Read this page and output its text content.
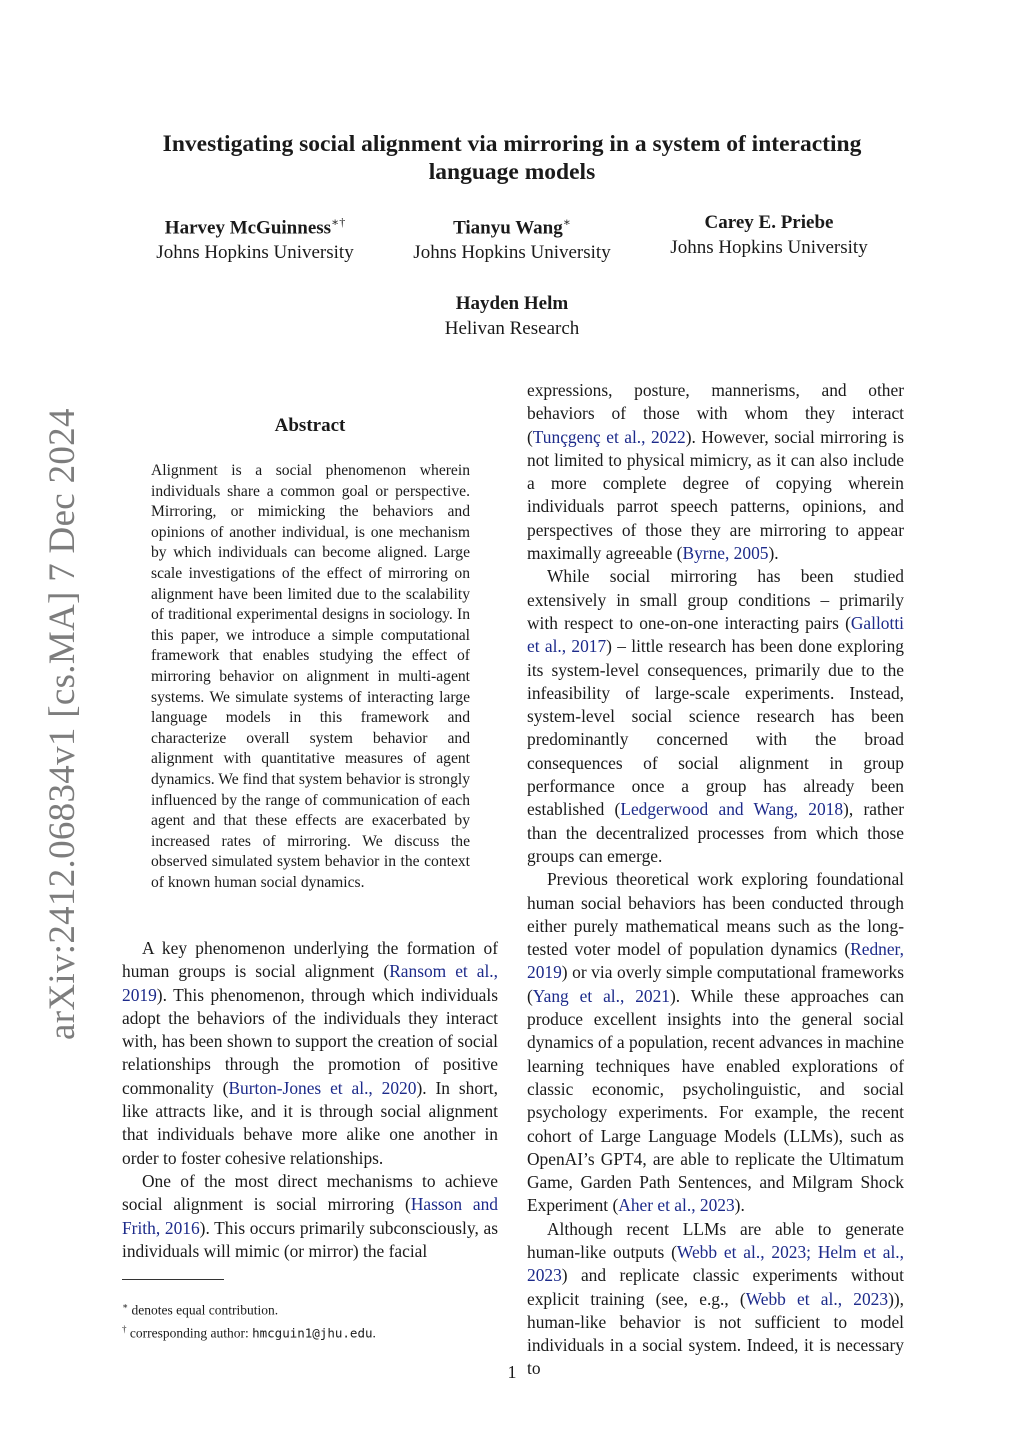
arXiv:2412.06834v1 [cs.MA] 7 Dec 2024
Investigating social alignment via mirroring in a system of interacting
language models
Harvey McGuinness∗†
Johns Hopkins University
Tianyu Wang∗
Johns Hopkins University
Carey E. Priebe
Johns Hopkins University
Hayden Helm
Helivan Research
Abstract
Alignment is a social phenomenon wherein individuals share a common goal or perspective. Mirroring, or mimicking the behaviors and opinions of another individual, is one mechanism by which individuals can become aligned. Large scale investigations of the effect of mirroring on alignment have been limited due to the scalability of traditional experimental designs in sociology. In this paper, we introduce a simple computational framework that enables studying the effect of mirroring behavior on alignment in multi-agent systems. We simulate systems of interacting large language models in this framework and characterize overall system behavior and alignment with quantitative measures of agent dynamics. We find that system behavior is strongly influenced by the range of communication of each agent and that these effects are exacerbated by increased rates of mirroring. We discuss the observed simulated system behavior in the context of known human social dynamics.

A key phenomenon underlying the formation of human groups is social alignment (Ransom et al., 2019). This phenomenon, through which individuals adopt the behaviors of the individuals they interact with, has been shown to support the creation of social relationships through the promotion of positive commonality (Burton-Jones et al., 2020). In short, like attracts like, and it is through social alignment that individuals behave more alike one another in order to foster cohesive relationships.

One of the most direct mechanisms to achieve social alignment is social mirroring (Hasson and Frith, 2016). This occurs primarily subconsciously, as individuals will mimic (or mirror) the facial

∗ denotes equal contribution.
† corresponding author: hmcguin1@jhu.edu.

expressions, posture, mannerisms, and other behaviors of those with whom they interact (Tunçgenç et al., 2022). However, social mirroring is not limited to physical mimicry, as it can also include a more complete degree of copying wherein individuals parrot speech patterns, opinions, and perspectives of those they are mirroring to appear maximally agreeable (Byrne, 2005).

While social mirroring has been studied extensively in small group conditions – primarily with respect to one-on-one interacting pairs (Gallotti et al., 2017) – little research has been done exploring its system-level consequences, primarily due to the infeasibility of large-scale experiments. Instead, system-level social science research has been predominantly concerned with the broad consequences of social alignment in group performance once a group has already been established (Ledgerwood and Wang, 2018), rather than the decentralized processes from which those groups can emerge.

Previous theoretical work exploring foundational human social behaviors has been conducted through either purely mathematical means such as the long-tested voter model of population dynamics (Redner, 2019) or via overly simple computational frameworks (Yang et al., 2021). While these approaches can produce excellent insights into the general social dynamics of a population, recent advances in machine learning techniques have enabled explorations of classic economic, psycholinguistic, and social psychology experiments. For example, the recent cohort of Large Language Models (LLMs), such as OpenAI’s GPT4, are able to replicate the Ultimatum Game, Garden Path Sentences, and Milgram Shock Experiment (Aher et al., 2023).

Although recent LLMs are able to generate human-like outputs (Webb et al., 2023; Helm et al., 2023) and replicate classic experiments without explicit training (see, e.g., (Webb et al., 2023)), human-like behavior is not sufficient to model individuals in a social system. Indeed, it is necessary to

1
